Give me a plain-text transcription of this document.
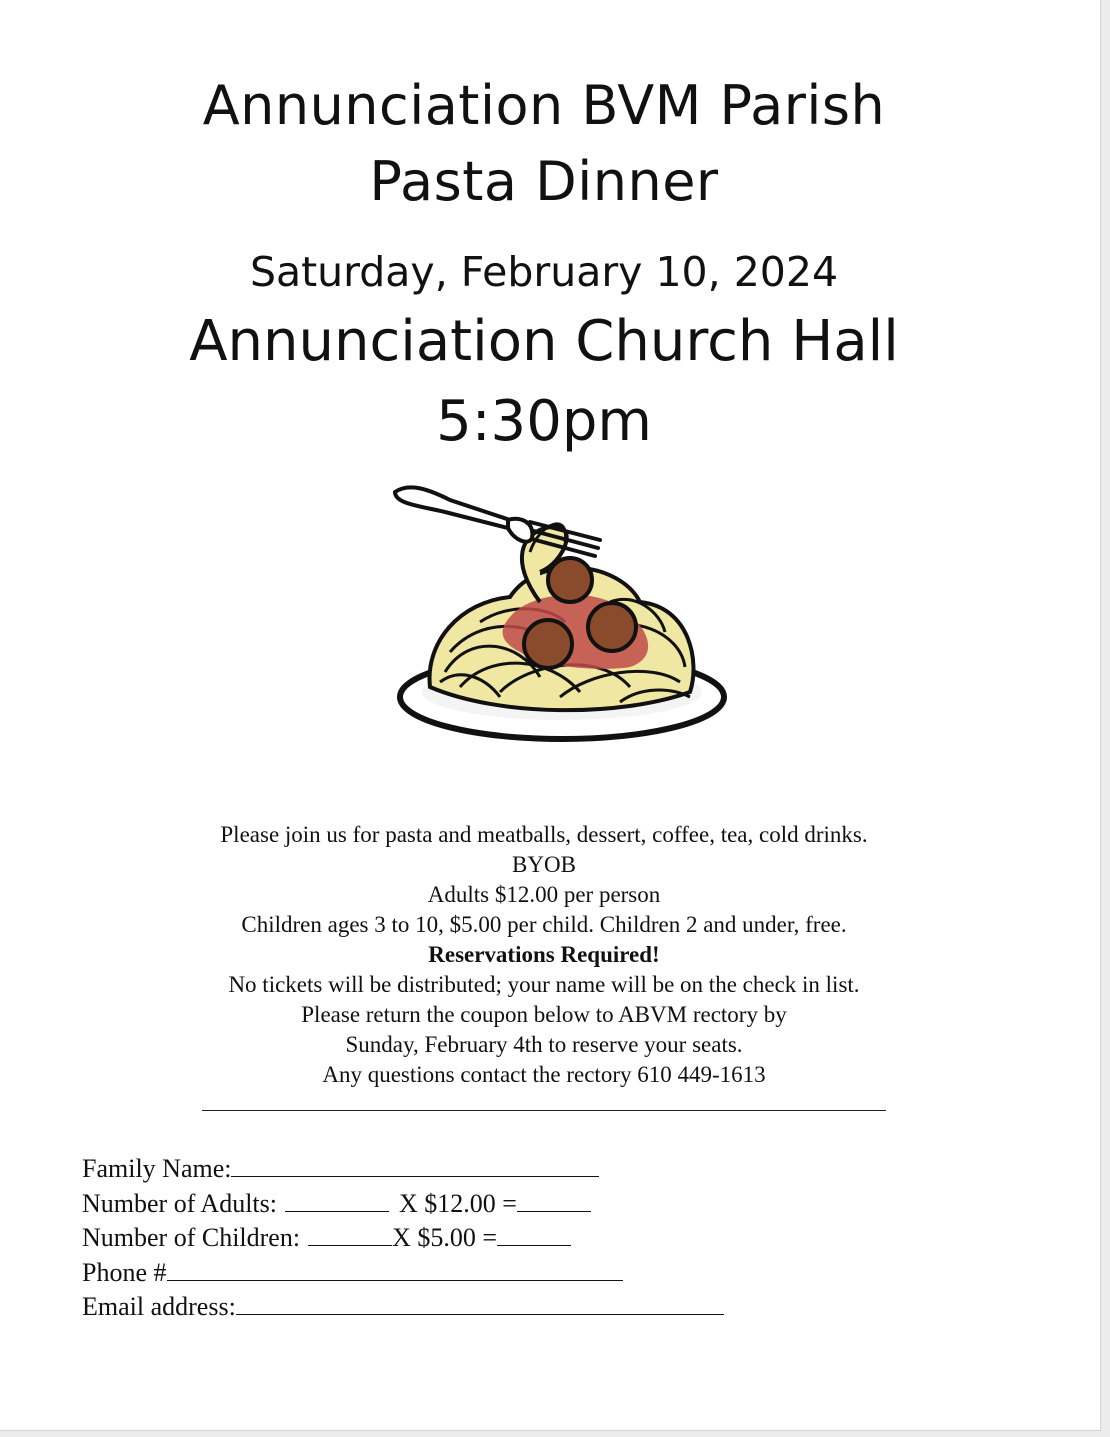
Annunciation BVM Parish
Pasta Dinner
Saturday, February 10, 2024
Annunciation Church Hall
5:30pm
Please join us for pasta and meatballs, dessert, coffee, tea, cold drinks.
BYOB
Adults $12.00 per person
Children ages 3 to 10, $5.00 per child. Children 2 and under, free.
Reservations Required!
No tickets will be distributed; your name will be on the check in list.
Please return the coupon below to ABVM rectory by
Sunday, February 4th to reserve your seats.
Any questions contact the rectory 610 449-1613
Family Name:
Number of Adults:	X $12.00 =
Number of Children:	X $5.00 =
Phone #
Email address:
